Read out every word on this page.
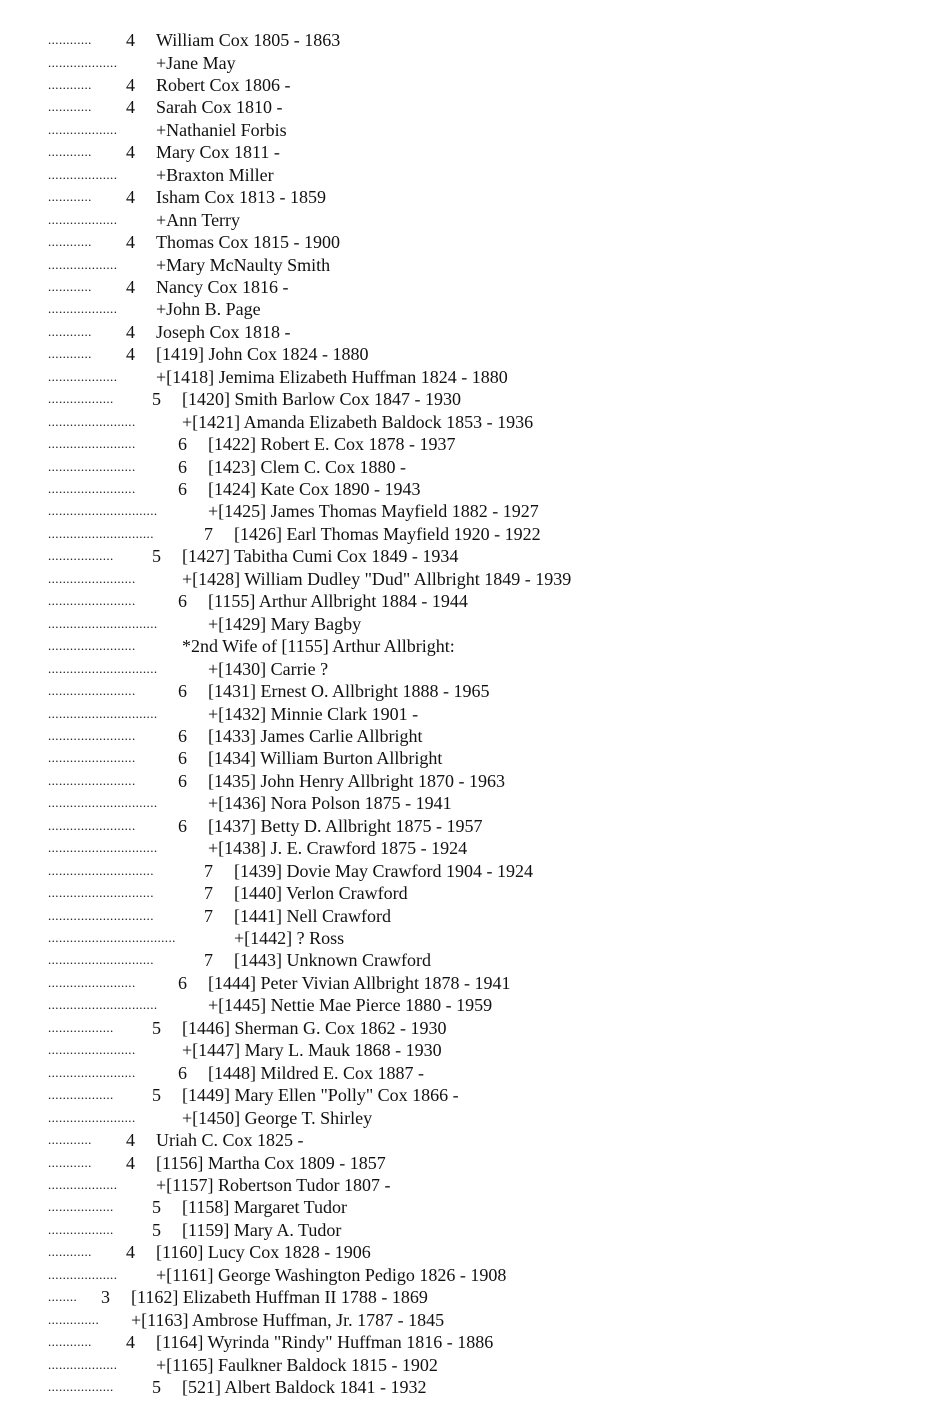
............ 4 William Cox 1805 - 1863
................... +Jane May
............ 4 Robert Cox 1806 -
............ 4 Sarah Cox 1810 -
................... +Nathaniel Forbis
............ 4 Mary Cox 1811 -
................... +Braxton Miller
............ 4 Isham Cox 1813 - 1859
................... +Ann Terry
............ 4 Thomas Cox 1815 - 1900
................... +Mary McNaulty Smith
............ 4 Nancy Cox 1816 -
................... +John B. Page
............ 4 Joseph Cox 1818 -
............ 4 [1419] John Cox 1824 - 1880
................... +[1418] Jemima Elizabeth Huffman 1824 - 1880
.................. 5 [1420] Smith Barlow Cox 1847 - 1930
........................	+[1421] Amanda Elizabeth Baldock 1853 - 1936
........................ 6 [1422] Robert E. Cox 1878 - 1937
........................ 6 [1423] Clem C. Cox 1880 -
........................ 6 [1424] Kate Cox 1890 - 1943
..............................	+[1425] James Thomas Mayfield 1882 - 1927
.............................	7 [1426] Earl Thomas Mayfield 1920 - 1922
.................. 5 [1427] Tabitha Cumi Cox 1849 - 1934
........................	+[1428] William Dudley "Dud" Allbright 1849 - 1939
........................ 6 [1155] Arthur Allbright 1884 - 1944
..............................	+[1429] Mary Bagby
........................	*2nd Wife of [1155] Arthur Allbright:
..............................	+[1430] Carrie ?
........................ 6 [1431] Ernest O. Allbright 1888 - 1965
..............................	+[1432] Minnie Clark 1901 -
........................ 6 [1433] James Carlie Allbright
........................ 6 [1434] William Burton Allbright
........................ 6 [1435] John Henry Allbright 1870 - 1963
..............................	+[1436] Nora Polson 1875 - 1941
........................ 6 [1437] Betty D. Allbright 1875 - 1957
..............................	+[1438] J. E. Crawford 1875 - 1924
.............................	7 [1439] Dovie May Crawford 1904 - 1924
.............................	7 [1440] Verlon Crawford
.............................	7 [1441] Nell Crawford
...................................	+[1442] ? Ross
.............................	7 [1443] Unknown Crawford
........................ 6 [1444] Peter Vivian Allbright 1878 - 1941
..............................	+[1445] Nettie Mae Pierce 1880 - 1959
.................. 5 [1446] Sherman G. Cox 1862 - 1930
........................	+[1447] Mary L. Mauk 1868 - 1930
........................ 6 [1448] Mildred E. Cox 1887 -
.................. 5 [1449] Mary Ellen "Polly" Cox 1866 -
........................	+[1450] George T. Shirley
............ 4 Uriah C. Cox 1825 -
............ 4 [1156] Martha Cox 1809 - 1857
................... +[1157] Robertson Tudor 1807 -
.................. 5 [1158] Margaret Tudor
.................. 5 [1159] Mary A. Tudor
............ 4 [1160] Lucy Cox 1828 - 1906
................... +[1161] George Washington Pedigo 1826 - 1908
........ 3 [1162] Elizabeth Huffman II 1788 - 1869
.............. +[1163] Ambrose Huffman, Jr. 1787 - 1845
............ 4 [1164] Wyrinda "Rindy" Huffman 1816 - 1886
................... +[1165] Faulkner Baldock 1815 - 1902
.................. 5 [521] Albert Baldock 1841 - 1932
